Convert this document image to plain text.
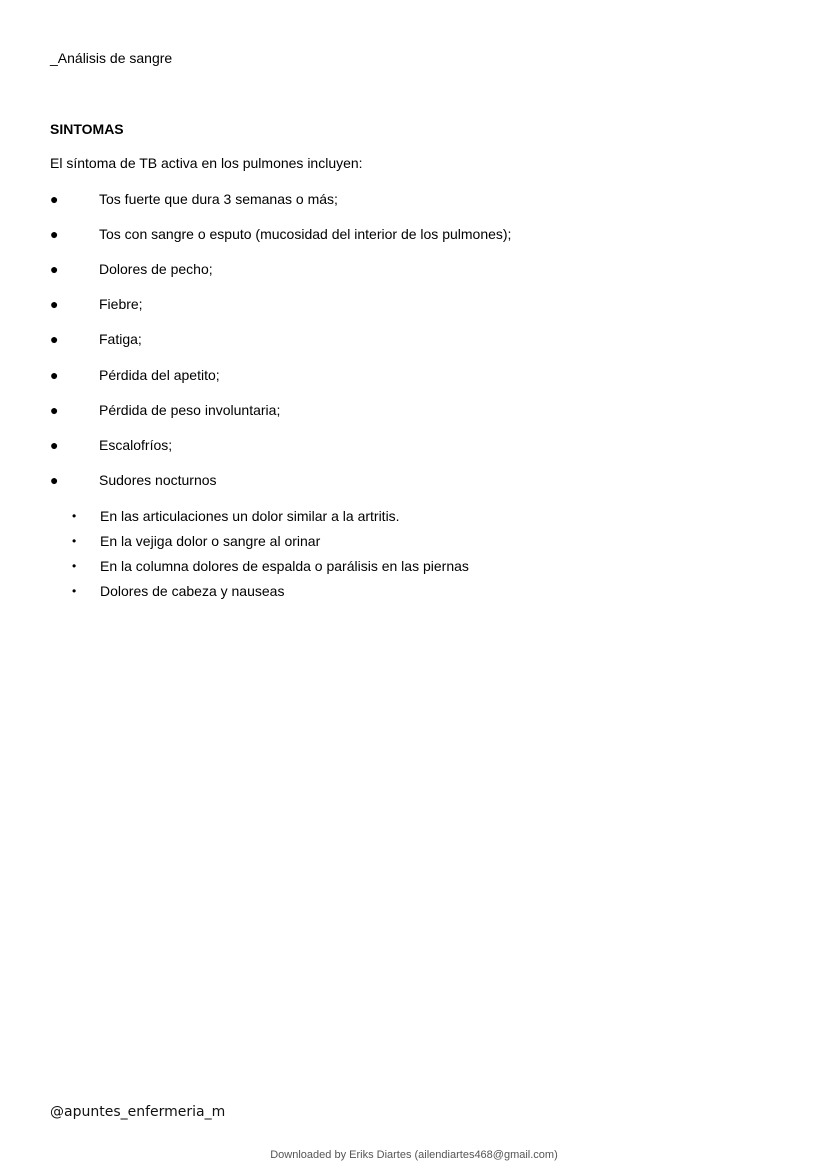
_Análisis de sangre
SINTOMAS
El síntoma de TB activa en los pulmones incluyen:
●	Tos fuerte que dura 3 semanas o más;
●	Tos con sangre o esputo (mucosidad del interior de los pulmones);
●	Dolores de pecho;
●	Fiebre;
●	Fatiga;
●	Pérdida del apetito;
●	Pérdida de peso involuntaria;
●	Escalofríos;
●	Sudores nocturnos
• En las articulaciones un dolor similar a la artritis.
• En la vejiga dolor o sangre al orinar
• En la columna dolores de espalda o parálisis en las piernas
• Dolores de cabeza y nauseas
@apuntes_enfermeria_m
Downloaded by Eriks Diartes (ailendiartes468@gmail.com)
